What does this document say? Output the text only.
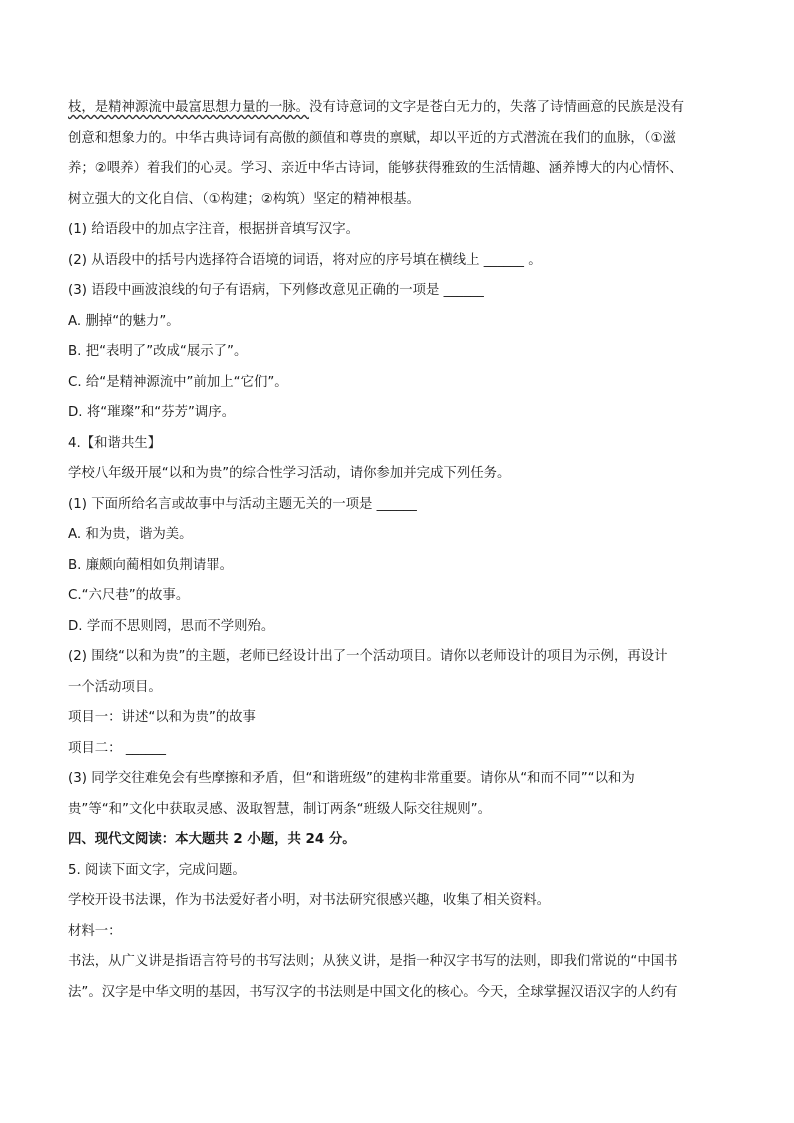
枝，是精神源流中最富思想力量的一脉。没有诗意词的文字是苍白无力的，失落了诗情画意的民族是没有
创意和想象力的。中华古典诗词有高傲的颜值和尊贵的禀赋，却以平近的方式潜流在我们的血脉，（①滋
养；②喂养）着我们的心灵。学习、亲近中华古诗词，能够获得雅致的生活情趣、涵养博大的内心情怀、
树立强大的文化自信、（①构建；②构筑）坚定的精神根基。
(1) 给语段中的加点字注音，根据拼音填写汉字。
(2) 从语段中的括号内选择符合语境的词语，将对应的序号填在横线上 ______ 。
(3) 语段中画波浪线的句子有语病，下列修改意见正确的一项是 ______
A. 删掉“的魅力”。
B. 把“表明了”改成“展示了”。
C. 给“是精神源流中”前加上“它们”。
D. 将“璀璨”和“芬芳”调序。
4.【和谐共生】
学校八年级开展“以和为贵”的综合性学习活动，请你参加并完成下列任务。
(1) 下面所给名言或故事中与活动主题无关的一项是 ______
A. 和为贵，谐为美。
B. 廉颇向蔺相如负荆请罪。
C.“六尺巷”的故事。
D. 学而不思则罔，思而不学则殆。
(2) 围绕“以和为贵”的主题，老师已经设计出了一个活动项目。请你以老师设计的项目为示例，再设计
一个活动项目。
项目一：讲述“以和为贵”的故事
项目二： ______
(3) 同学交往难免会有些摩擦和矛盾，但“和谐班级”的建构非常重要。请你从“和而不同”“以和为
贵”等“和”文化中获取灵感、汲取智慧，制订两条“班级人际交往规则”。
四、现代文阅读：本大题共 2 小题，共 24 分。
5. 阅读下面文字，完成问题。
学校开设书法课，作为书法爱好者小明，对书法研究很感兴趣，收集了相关资料。
材料一：
书法，从广义讲是指语言符号的书写法则；从狭义讲，是指一种汉字书写的法则，即我们常说的“中国书
法”。汉字是中华文明的基因，书写汉字的书法则是中国文化的核心。今天，全球掌握汉语汉字的人约有
